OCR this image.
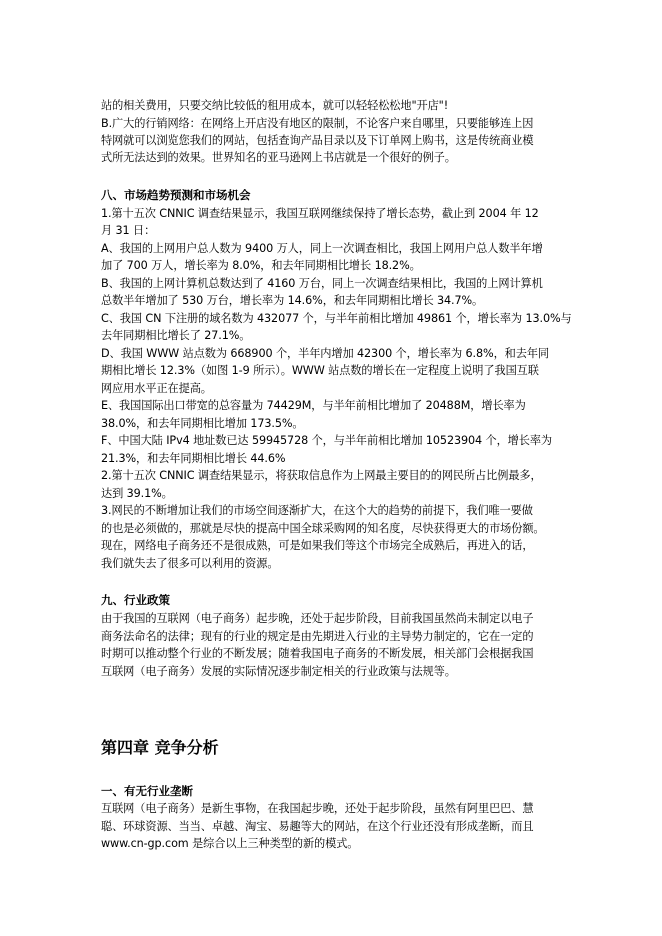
站的相关费用，只要交纳比较低的租用成本，就可以轻轻松松地"开店"!
B.广大的行销网络：在网络上开店没有地区的限制，不论客户来自哪里，只要能够连上因
特网就可以浏览您我们的网站，包括查询产品目录以及下订单网上购书，这是传统商业模
式所无法达到的效果。世界知名的亚马逊网上书店就是一个很好的例子。
八、市场趋势预测和市场机会
1.第十五次 CNNIC 调查结果显示，我国互联网继续保持了增长态势，截止到 2004 年 12
月 31 日：
A、我国的上网用户总人数为 9400 万人，同上一次调查相比，我国上网用户总人数半年增
加了 700 万人，增长率为 8.0%，和去年同期相比增长 18.2%。
B、我国的上网计算机总数达到了 4160 万台，同上一次调查结果相比，我国的上网计算机
总数半年增加了 530 万台，增长率为 14.6%，和去年同期相比增长 34.7%。
C、我国 CN 下注册的域名数为 432077 个，与半年前相比增加 49861 个，增长率为 13.0%与
去年同期相比增长了 27.1%。
D、我国 WWW 站点数为 668900 个，半年内增加 42300 个，增长率为 6.8%，和去年同
期相比增长 12.3%（如图 1-9 所示）。WWW 站点数的增长在一定程度上说明了我国互联
网应用水平正在提高。
E、我国国际出口带宽的总容量为 74429M，与半年前相比增加了 20488M，增长率为
38.0%，和去年同期相比增加 173.5%。
F、中国大陆 IPv4 地址数已达 59945728 个，与半年前相比增加 10523904 个，增长率为
21.3%，和去年同期相比增长 44.6%
2.第十五次 CNNIC 调查结果显示，将获取信息作为上网最主要目的的网民所占比例最多，
达到 39.1%。
3.网民的不断增加让我们的市场空间逐渐扩大，在这个大的趋势的前提下，我们唯一要做
的也是必须做的，那就是尽快的提高中国全球采购网的知名度，尽快获得更大的市场份额。
现在，网络电子商务还不是很成熟，可是如果我们等这个市场完全成熟后，再进入的话，
我们就失去了很多可以利用的资源。
九、行业政策
由于我国的互联网（电子商务）起步晚，还处于起步阶段，目前我国虽然尚未制定以电子
商务法命名的法律；现有的行业的规定是由先期进入行业的主导势力制定的，它在一定的
时期可以推动整个行业的不断发展；随着我国电子商务的不断发展，相关部门会根据我国
互联网（电子商务）发展的实际情况逐步制定相关的行业政策与法规等。
第四章 竞争分析
一、有无行业垄断
互联网（电子商务）是新生事物，在我国起步晚，还处于起步阶段，虽然有阿里巴巴、慧
聪、环球资源、当当、卓越、淘宝、易趣等大的网站，在这个行业还没有形成垄断，而且
www.cn-gp.com 是综合以上三种类型的新的模式。
